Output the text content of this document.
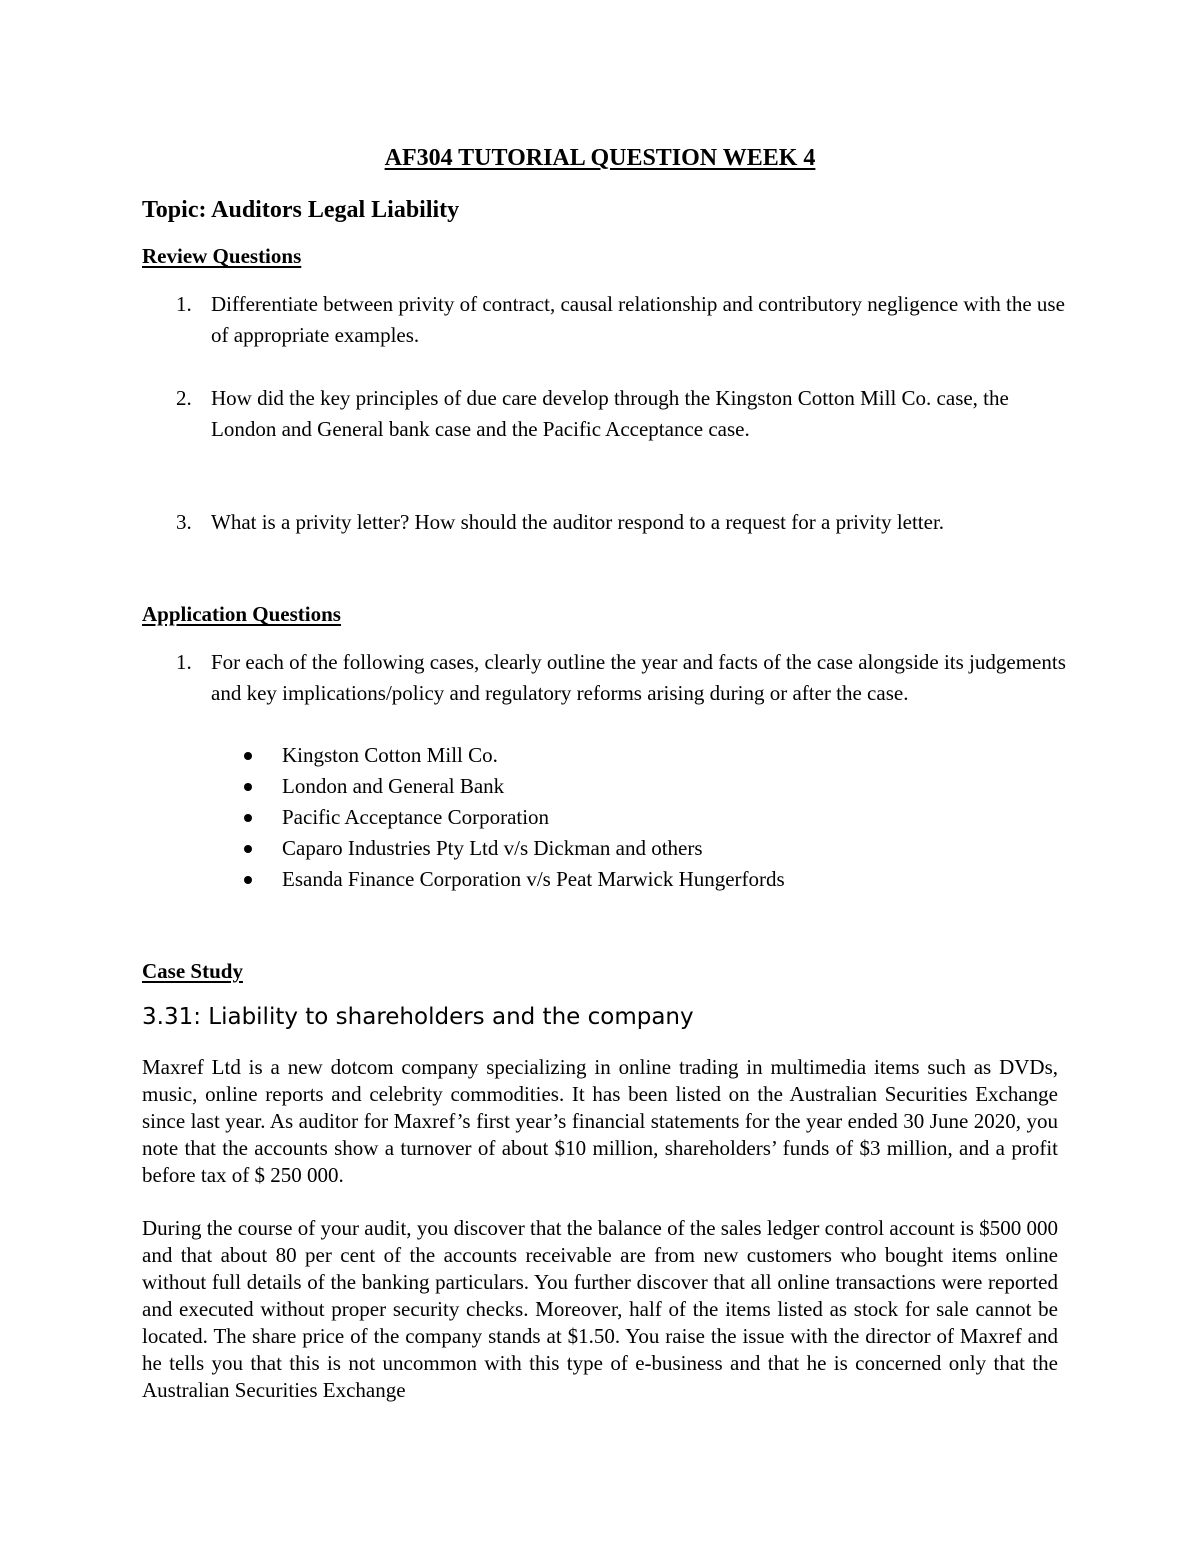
AF304 TUTORIAL QUESTION WEEK 4
Topic: Auditors Legal Liability
Review Questions
1. Differentiate between privity of contract, causal relationship and contributory negligence with the use of appropriate examples.
2. How did the key principles of due care develop through the Kingston Cotton Mill Co. case, the London and General bank case and the Pacific Acceptance case.
3. What is a privity letter? How should the auditor respond to a request for a privity letter.
Application Questions
1. For each of the following cases, clearly outline the year and facts of the case alongside its judgements and key implications/policy and regulatory reforms arising during or after the case.
Kingston Cotton Mill Co.
London and General Bank
Pacific Acceptance Corporation
Caparo Industries Pty Ltd v/s Dickman and others
Esanda Finance Corporation v/s Peat Marwick Hungerfords
Case Study
3.31: Liability to shareholders and the company
Maxref Ltd is a new dotcom company specializing in online trading in multimedia items such as DVDs, music, online reports and celebrity commodities. It has been listed on the Australian Securities Exchange since last year. As auditor for Maxref’s first year’s financial statements for the year ended 30 June 2020, you note that the accounts show a turnover of about $10 million, shareholders’ funds of $3 million, and a profit before tax of $ 250 000.
During the course of your audit, you discover that the balance of the sales ledger control account is $500 000 and that about 80 per cent of the accounts receivable are from new customers who bought items online without full details of the banking particulars. You further discover that all online transactions were reported and executed without proper security checks. Moreover, half of the items listed as stock for sale cannot be located. The share price of the company stands at $1.50. You raise the issue with the director of Maxref and he tells you that this is not uncommon with this type of e-business and that he is concerned only that the Australian Securities Exchange
